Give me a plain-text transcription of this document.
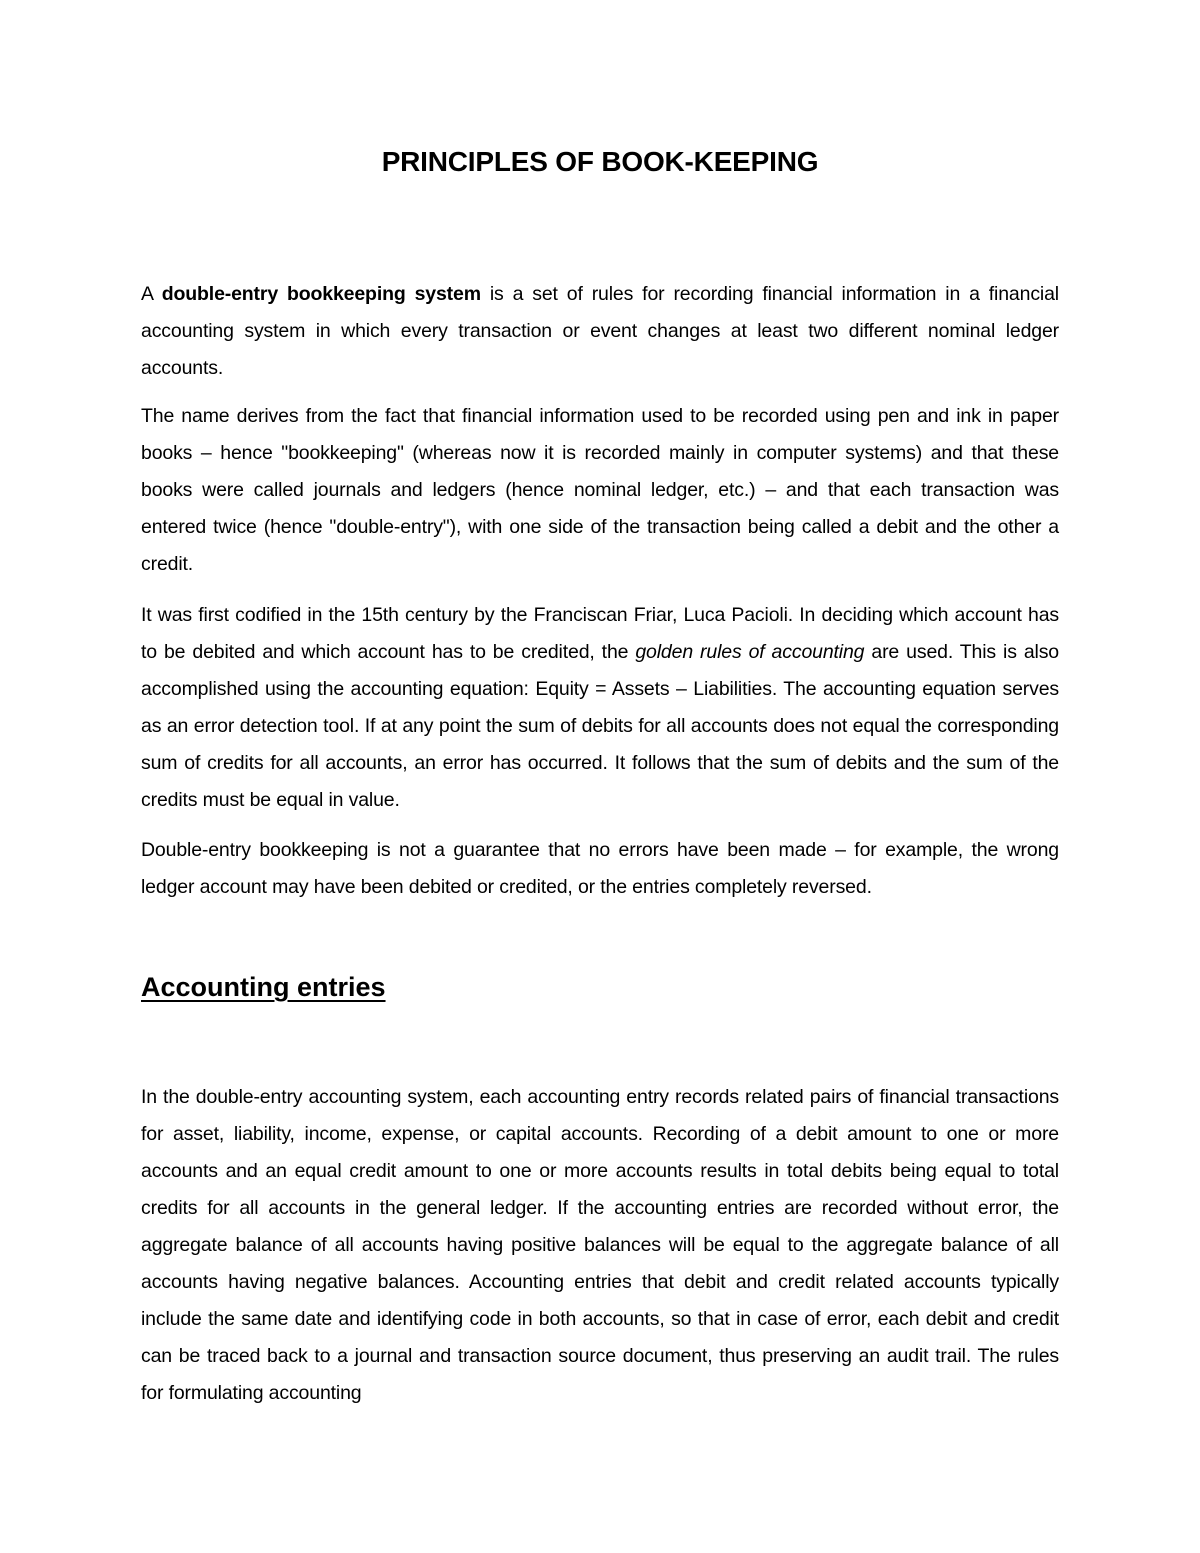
PRINCIPLES OF BOOK-KEEPING

A double-entry bookkeeping system is a set of rules for recording financial information in a financial accounting system in which every transaction or event changes at least two different nominal ledger accounts.

The name derives from the fact that financial information used to be recorded using pen and ink in paper books – hence "bookkeeping" (whereas now it is recorded mainly in computer systems) and that these books were called journals and ledgers (hence nominal ledger, etc.) – and that each transaction was entered twice (hence "double-entry"), with one side of the transaction being called a debit and the other a credit.

It was first codified in the 15th century by the Franciscan Friar, Luca Pacioli. In deciding which account has to be debited and which account has to be credited, the golden rules of accounting are used. This is also accomplished using the accounting equation: Equity = Assets – Liabilities. The accounting equation serves as an error detection tool. If at any point the sum of debits for all accounts does not equal the corresponding sum of credits for all accounts, an error has occurred. It follows that the sum of debits and the sum of the credits must be equal in value.

Double-entry bookkeeping is not a guarantee that no errors have been made – for example, the wrong ledger account may have been debited or credited, or the entries completely reversed.

Accounting entries

In the double-entry accounting system, each accounting entry records related pairs of financial transactions for asset, liability, income, expense, or capital accounts. Recording of a debit amount to one or more accounts and an equal credit amount to one or more accounts results in total debits being equal to total credits for all accounts in the general ledger. If the accounting entries are recorded without error, the aggregate balance of all accounts having positive balances will be equal to the aggregate balance of all accounts having negative balances. Accounting entries that debit and credit related accounts typically include the same date and identifying code in both accounts, so that in case of error, each debit and credit can be traced back to a journal and transaction source document, thus preserving an audit trail. The rules for formulating accounting
